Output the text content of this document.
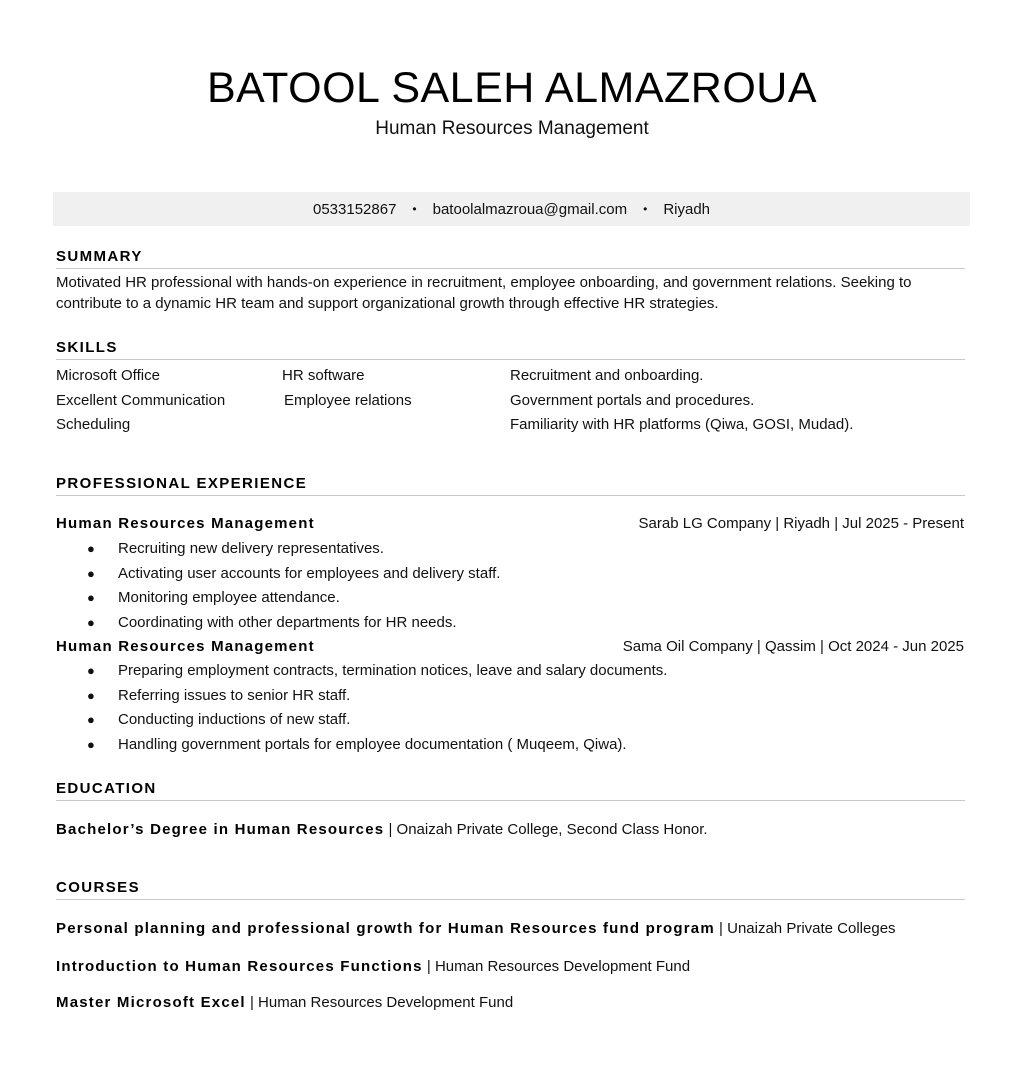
BATOOL SALEH ALMAZROUA
Human Resources Management
0533152867 • batoolalmazroua@gmail.com • Riyadh
SUMMARY
Motivated HR professional with hands-on experience in recruitment, employee onboarding, and government relations. Seeking to contribute to a dynamic HR team and support organizational growth through effective HR strategies.
SKILLS
Microsoft Office
Excellent Communication
Scheduling
HR software
Employee relations
Recruitment and onboarding.
Government portals and procedures.
Familiarity with HR platforms (Qiwa, GOSI, Mudad).
PROFESSIONAL EXPERIENCE
Human Resources Management	Sarab LG Company | Riyadh | Jul 2025 - Present
● Recruiting new delivery representatives.
● Activating user accounts for employees and delivery staff.
● Monitoring employee attendance.
● Coordinating with other departments for HR needs.
Human Resources Management	Sama Oil Company | Qassim | Oct 2024 - Jun 2025
● Preparing employment contracts, termination notices, leave and salary documents.
● Referring issues to senior HR staff.
● Conducting inductions of new staff.
● Handling government portals for employee documentation ( Muqeem, Qiwa).
EDUCATION
Bachelor’s Degree in Human Resources | Onaizah Private College, Second Class Honor.
COURSES
Personal planning and professional growth for Human Resources fund program | Unaizah Private Colleges
Introduction to Human Resources Functions | Human Resources Development Fund
Master Microsoft Excel | Human Resources Development Fund
